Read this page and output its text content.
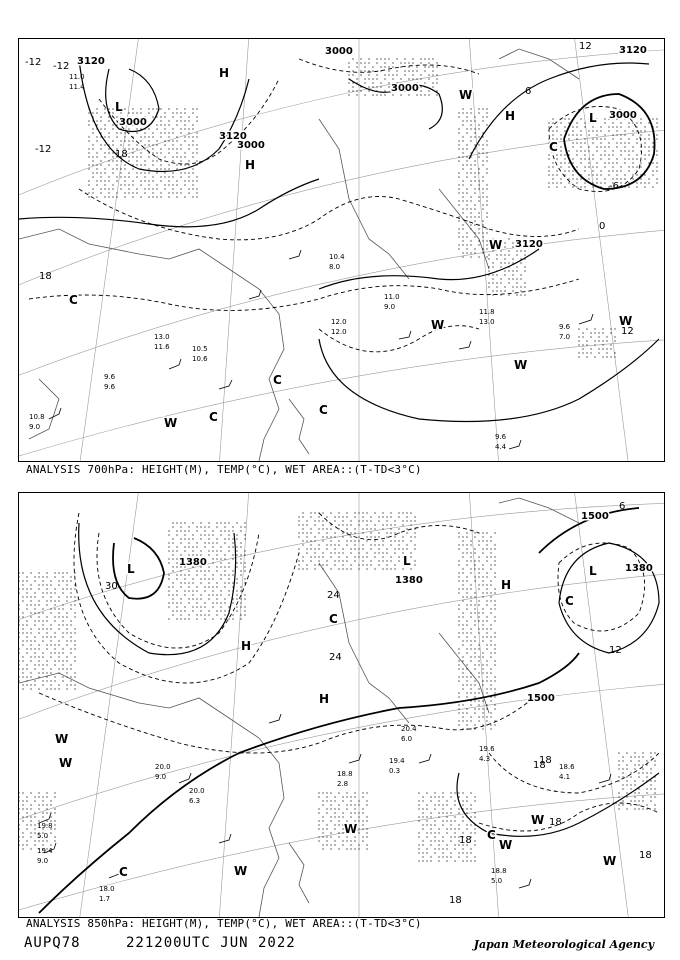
3120
3000
3000
3000
3000
3000
3120
3120
3120
-12 -12
-12
12
12
18
18
0
-6
6
H
H
H
L
L
C
C
C
C
C
W
W
W
W	W
W
11.0
11.4
12.0
12.0
13.0
11.6	10.5
10.6
9.6
9.6
10.8
9.0
11.8
13.0
9.6
7.0
9.6
4.4
10.4
8.0
11.0
9.0
ANALYSIS 700hPa: HEIGHT(M), TEMP(°C), WET AREA::(T-TD<3°C)
1380
1380
1380
1500
1500
30
24
24
18
18
18
18
18
18
12
6
H
H
H
L
L
L
C
C
C
C
W
W
W
W
W
W
W
19.8
5.0
19.4
9.0
18.0
1.7
20.0
9.0
20.0
6.3
19.6
4.3
18.6
4.1
18.8
5.0
19.4
0.3
18.8
2.8
20.4
6.0
ANALYSIS 850hPa: HEIGHT(M), TEMP(°C), WET AREA::(T-TD<3°C)
AUPQ78	221200UTC JUN 2022	Japan Meteorological Agency
